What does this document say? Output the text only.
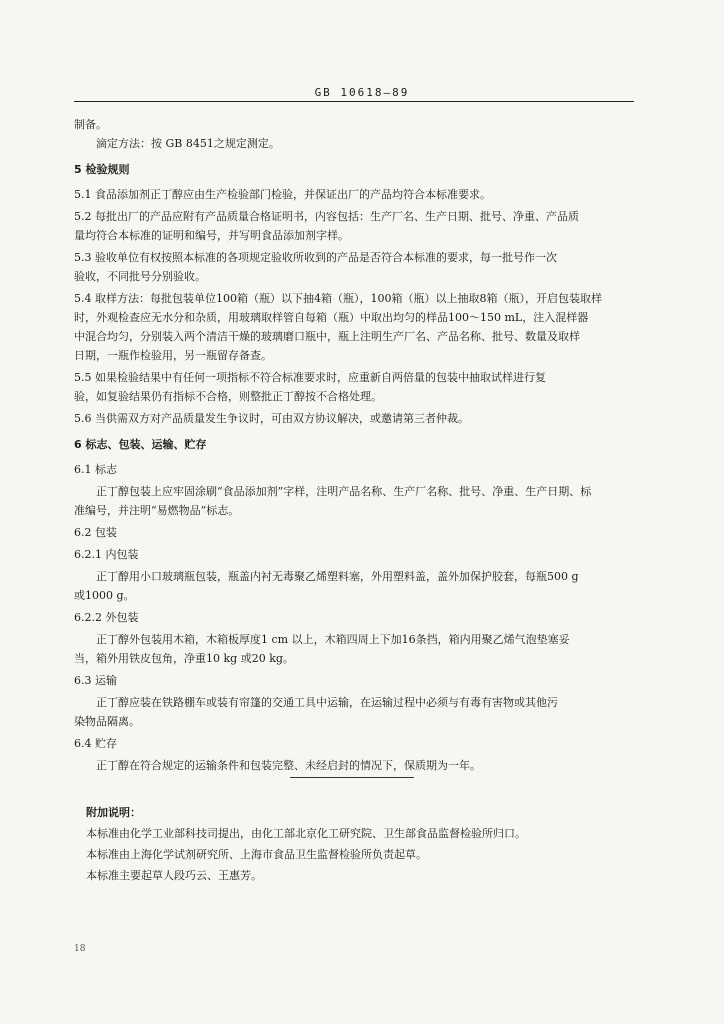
GB 10618—89
制备。
滴定方法：按 GB 8451之规定测定。
5 检验规则
5.1 食品添加剂正丁醇应由生产检验部门检验，并保证出厂的产品均符合本标准要求。
5.2 每批出厂的产品应附有产品质量合格证明书，内容包括：生产厂名、生产日期、批号、净重、产品质
量均符合本标准的证明和编号，并写明食品添加剂字样。
5.3 验收单位有权按照本标准的各项规定验收所收到的产品是否符合本标准的要求，每一批号作一次
验收，不同批号分别验收。
5.4 取样方法：每批包装单位100箱（瓶）以下抽4箱（瓶），100箱（瓶）以上抽取8箱（瓶），开启包装取样
时，外观检查应无水分和杂质，用玻璃取样管自每箱（瓶）中取出均匀的样品100～150 mL，注入混样器
中混合均匀，分别装入两个清洁干燥的玻璃磨口瓶中，瓶上注明生产厂名、产品名称、批号、数量及取样
日期，一瓶作检验用，另一瓶留存备查。
5.5 如果检验结果中有任何一项指标不符合标准要求时，应重新自两倍量的包装中抽取试样进行复
验，如复验结果仍有指标不合格，则整批正丁醇按不合格处理。
5.6 当供需双方对产品质量发生争议时，可由双方协议解决，或邀请第三者仲裁。
6 标志、包装、运输、贮存
6.1 标志
正丁醇包装上应牢固涂刷“食品添加剂”字样，注明产品名称、生产厂名称、批号、净重、生产日期、标
准编号，并注明“易燃物品”标志。
6.2 包装
6.2.1 内包装
正丁醇用小口玻璃瓶包装，瓶盖内衬无毒聚乙烯塑料塞，外用塑料盖，盖外加保护胶套，每瓶500 g
或1000 g。
6.2.2 外包装
正丁醇外包装用木箱，木箱板厚度1 cm 以上，木箱四周上下加16条挡，箱内用聚乙烯气泡垫塞妥
当，箱外用铁皮包角，净重10 kg 或20 kg。
6.3 运输
正丁醇应装在铁路棚车或装有帘篷的交通工具中运输，在运输过程中必须与有毒有害物或其他污
染物品隔离。
6.4 贮存
正丁醇在符合规定的运输条件和包装完整、未经启封的情况下，保质期为一年。
附加说明：
本标准由化学工业部科技司提出，由化工部北京化工研究院、卫生部食品监督检验所归口。
本标准由上海化学试剂研究所、上海市食品卫生监督检验所负责起草。
本标准主要起草人段巧云、王惠芳。
18
